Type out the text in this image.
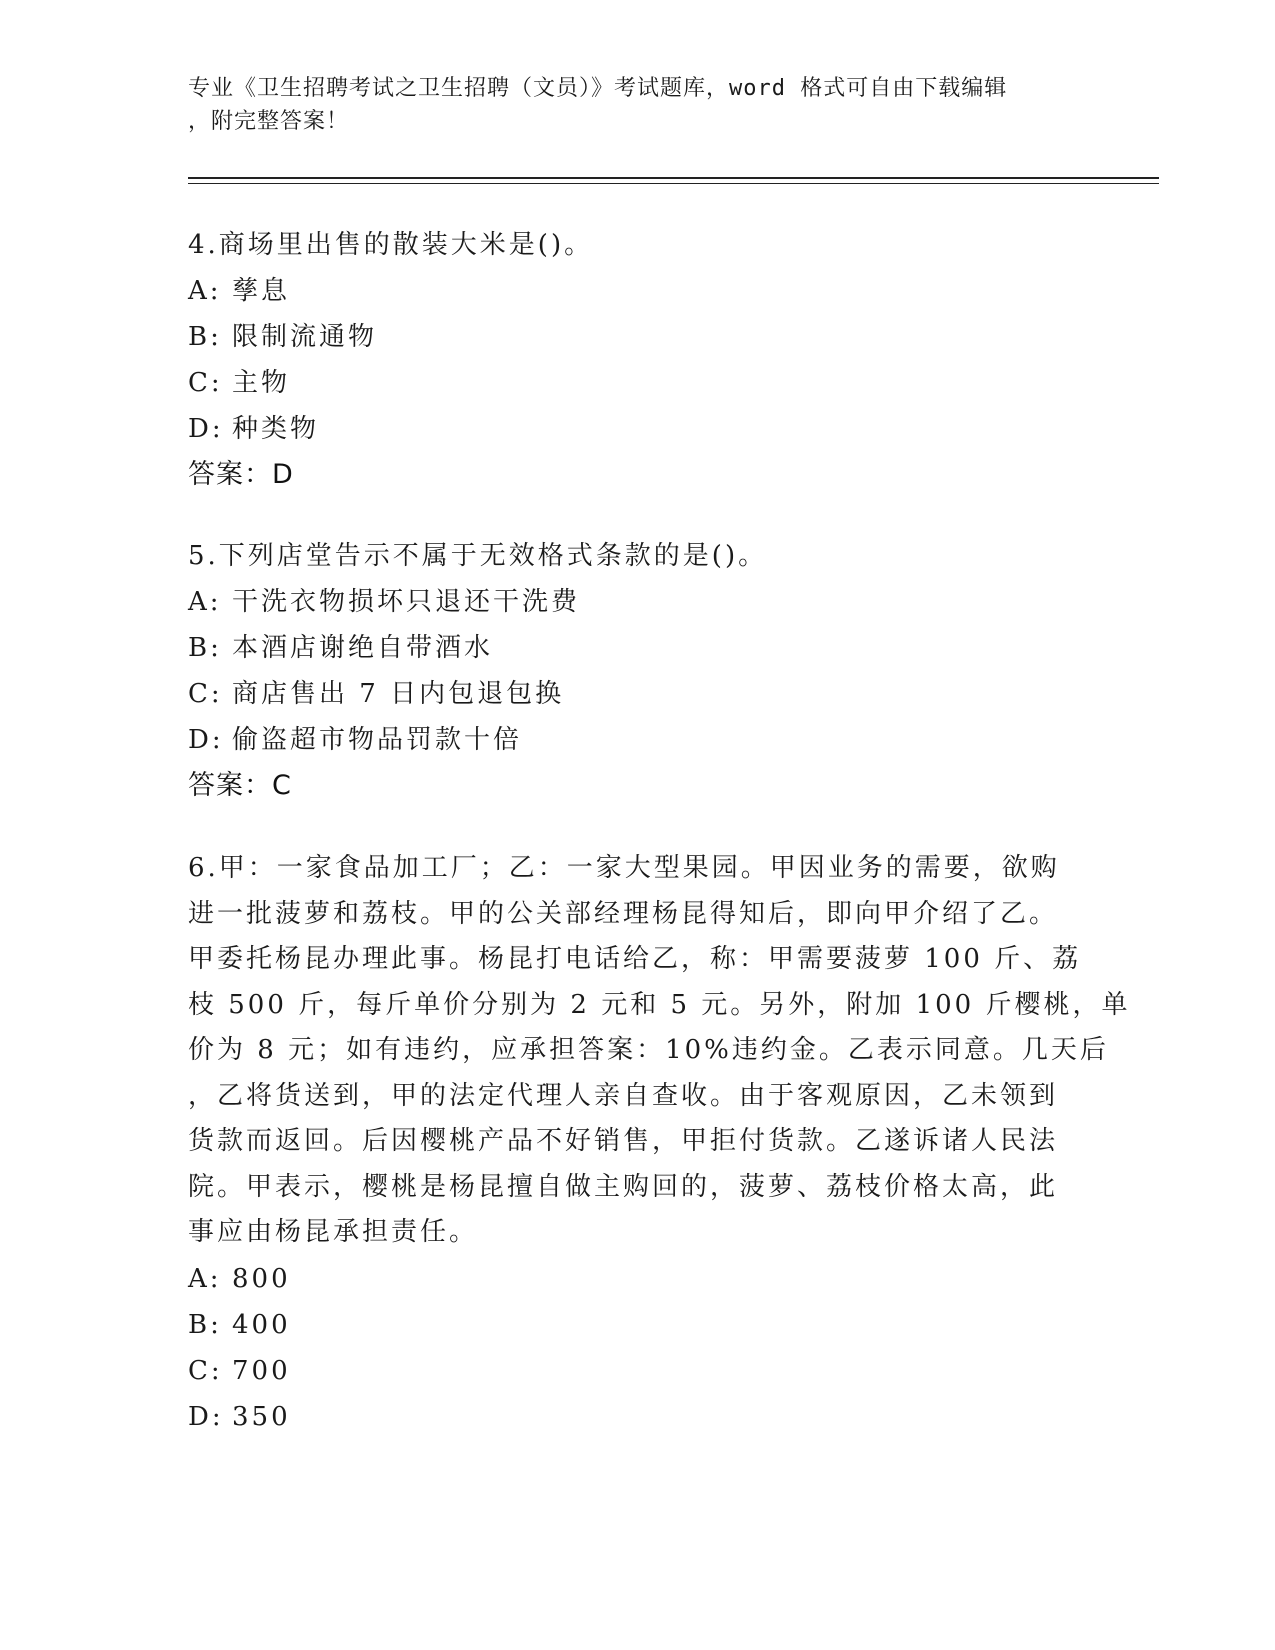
专业《卫生招聘考试之卫生招聘（文员）》考试题库，word 格式可自由下载编辑
，附完整答案！
4.商场里出售的散装大米是()。
A: 孳息
B: 限制流通物
C: 主物
D: 种类物
答案：D
5.下列店堂告示不属于无效格式条款的是()。
A: 干洗衣物损坏只退还干洗费
B: 本酒店谢绝自带酒水
C: 商店售出 7 日内包退包换
D: 偷盗超市物品罚款十倍
答案：C
6.甲：一家食品加工厂；乙：一家大型果园。甲因业务的需要，欲购
进一批菠萝和荔枝。甲的公关部经理杨昆得知后，即向甲介绍了乙。
甲委托杨昆办理此事。杨昆打电话给乙，称：甲需要菠萝 100 斤、荔
枝 500 斤，每斤单价分别为 2 元和 5 元。另外，附加 100 斤樱桃，单
价为 8 元；如有违约，应承担答案：10%违约金。乙表示同意。几天后
，乙将货送到，甲的法定代理人亲自查收。由于客观原因，乙未领到
货款而返回。后因樱桃产品不好销售，甲拒付货款。乙遂诉诸人民法
院。甲表示，樱桃是杨昆擅自做主购回的，菠萝、荔枝价格太高，此
事应由杨昆承担责任。
A: 800
B: 400
C: 700
D: 350
